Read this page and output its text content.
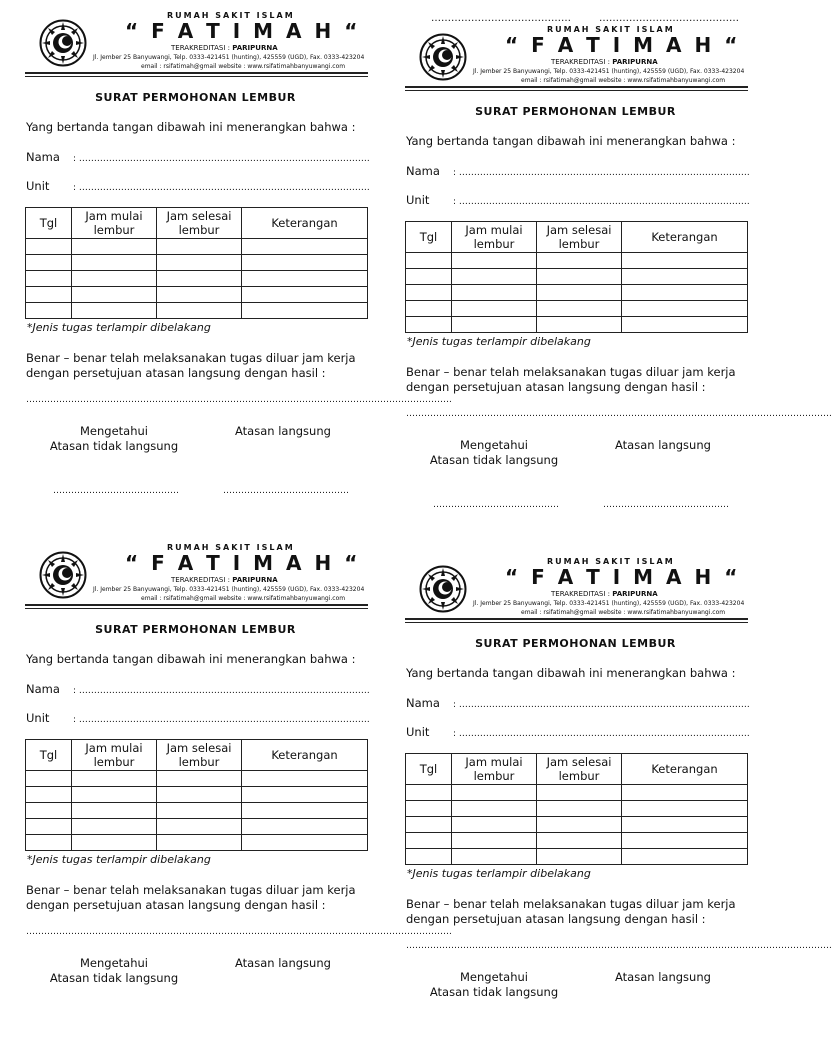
RUMAH SAKIT ISLAM
“ F A T I M A H “
TERAKREDITASI : PARIPURNA
Jl. Jember 25 Banyuwangi, Telp. 0333-421451 (hunting), 425559 (UGD), Fax. 0333-423204
email : rsifatimah@gmail website : www.rsifatimahbanyuwangi.com
SURAT PERMOHONAN LEMBUR
Yang bertanda tangan dibawah ini menerangkan bahwa :
Nama : …………………………………………………………………………………….
Unit	: …………………………………………………………………………………….
Tgl	Jam mulai lembur	Jam selesai lembur	Keterangan

*Jenis tugas terlampir dibelakang
Benar – benar telah melaksanakan tugas diluar jam kerja
dengan persetujuan atasan langsung dengan hasil :
…………………………………………………………………………………………………………………………….
Mengetahui
Atasan tidak langsung
Atasan langsung
……………………………………	……………………………………
……………………………………	……………………………………
RUMAH SAKIT ISLAM
“ F A T I M A H “
TERAKREDITASI : PARIPURNA
Jl. Jember 25 Banyuwangi, Telp. 0333-421451 (hunting), 425559 (UGD), Fax. 0333-423204
email : rsifatimah@gmail website : www.rsifatimahbanyuwangi.com
SURAT PERMOHONAN LEMBUR
Yang bertanda tangan dibawah ini menerangkan bahwa :
Nama : …………………………………………………………………………………….
Unit	: …………………………………………………………………………………….
Tgl	Jam mulai lembur	Jam selesai lembur	Keterangan

*Jenis tugas terlampir dibelakang
Benar – benar telah melaksanakan tugas diluar jam kerja
dengan persetujuan atasan langsung dengan hasil :
…………………………………………………………………………………………………………………………….
Mengetahui
Atasan tidak langsung
Atasan langsung
……………………………………	……………………………………
RUMAH SAKIT ISLAM
“ F A T I M A H “
TERAKREDITASI : PARIPURNA
Jl. Jember 25 Banyuwangi, Telp. 0333-421451 (hunting), 425559 (UGD), Fax. 0333-423204
email : rsifatimah@gmail website : www.rsifatimahbanyuwangi.com
SURAT PERMOHONAN LEMBUR
Yang bertanda tangan dibawah ini menerangkan bahwa :
Nama : …………………………………………………………………………………….
Unit	: …………………………………………………………………………………….
Tgl	Jam mulai lembur	Jam selesai lembur	Keterangan

*Jenis tugas terlampir dibelakang
Benar – benar telah melaksanakan tugas diluar jam kerja
dengan persetujuan atasan langsung dengan hasil :
…………………………………………………………………………………………………………………………….
Mengetahui
Atasan tidak langsung
Atasan langsung
RUMAH SAKIT ISLAM
“ F A T I M A H “
TERAKREDITASI : PARIPURNA
Jl. Jember 25 Banyuwangi, Telp. 0333-421451 (hunting), 425559 (UGD), Fax. 0333-423204
email : rsifatimah@gmail website : www.rsifatimahbanyuwangi.com
SURAT PERMOHONAN LEMBUR
Yang bertanda tangan dibawah ini menerangkan bahwa :
Nama : …………………………………………………………………………………….
Unit	: …………………………………………………………………………………….
Tgl	Jam mulai lembur	Jam selesai lembur	Keterangan

*Jenis tugas terlampir dibelakang
Benar – benar telah melaksanakan tugas diluar jam kerja
dengan persetujuan atasan langsung dengan hasil :
…………………………………………………………………………………………………………………………….
Mengetahui
Atasan tidak langsung
Atasan langsung
